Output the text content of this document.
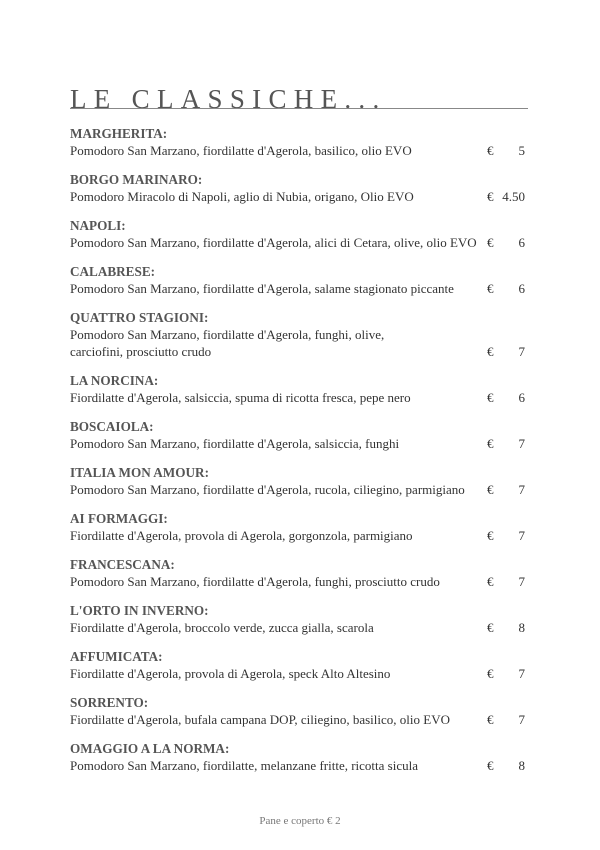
LE CLASSICHE...
MARGHERITA:
Pomodoro San Marzano, fiordilatte d'Agerola, basilico, olio EVO	€ 5
BORGO MARINARO:
Pomodoro Miracolo di Napoli, aglio di Nubia, origano, Olio EVO	€ 4.50
NAPOLI:
Pomodoro San Marzano, fiordilatte d'Agerola, alici di Cetara, olive, olio EVO € 6
CALABRESE:
Pomodoro San Marzano, fiordilatte d'Agerola, salame stagionato piccante	€ 6
QUATTRO STAGIONI:
Pomodoro San Marzano, fiordilatte d'Agerola, funghi, olive,
carciofini, prosciutto crudo	€ 7
LA NORCINA:
Fiordilatte d'Agerola, salsiccia, spuma di ricotta fresca, pepe nero	€ 6
BOSCAIOLA:
Pomodoro San Marzano, fiordilatte d'Agerola, salsiccia, funghi	€ 7
ITALIA MON AMOUR:
Pomodoro San Marzano, fiordilatte d'Agerola, rucola, ciliegino, parmigiano € 7
AI FORMAGGI:
Fiordilatte d'Agerola, provola di Agerola, gorgonzola, parmigiano	€ 7
FRANCESCANA:
Pomodoro San Marzano, fiordilatte d'Agerola, funghi, prosciutto crudo	€ 7
L'ORTO IN INVERNO:
Fiordilatte d'Agerola, broccolo verde, zucca gialla, scarola	€ 8
AFFUMICATA:
Fiordilatte d'Agerola, provola di Agerola, speck Alto Altesino	€ 7
SORRENTO:
Fiordilatte d'Agerola, bufala campana DOP, ciliegino, basilico, olio EVO	€ 7
OMAGGIO A LA NORMA:
Pomodoro San Marzano, fiordilatte, melanzane fritte, ricotta sicula	€ 8
Pane e coperto € 2
